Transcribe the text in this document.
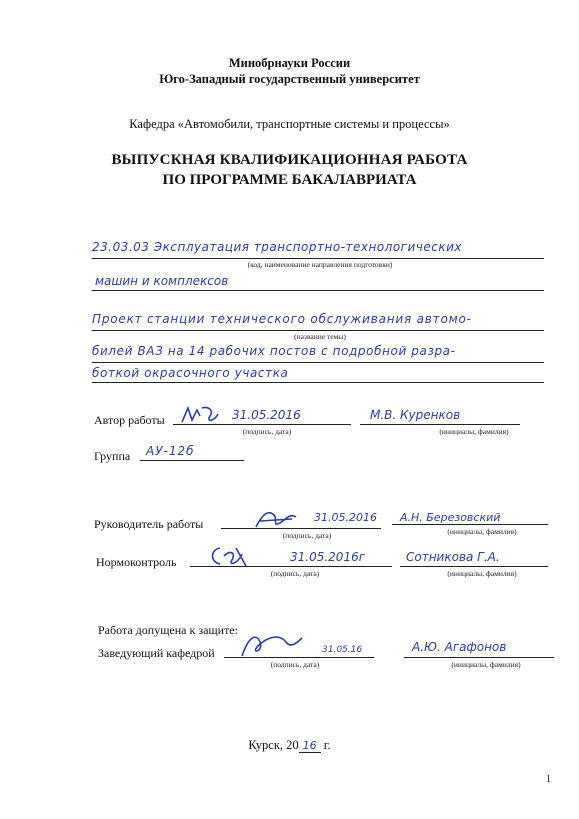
Минобрнауки России
Юго-Западный государственный университет
Кафедра «Автомобили, транспортные системы и процессы»
ВЫПУСКНАЯ КВАЛИФИКАЦИОННАЯ РАБОТА
ПО ПРОГРАММЕ БАКАЛАВРИАТА
23.03.03 Эксплуатация транспортно-технологических
(код, наименование направления подготовки)
машин и комплексов
Проект станции технического обслуживания автомо-
(название темы)
билей ВАЗ на 14 рабочих постов с подробной разра-
боткой окрасочного участка
Автор работы	31.05.2016
(подпись, дата)
М.В. Куренков
(инициалы, фамилия)
Группа АУ-12б
Руководитель работы	31.05.2016
(подпись, дата)
А.Н. Березовский
(инициалы, фамилия)
Нормоконтроль	31.05.2016г
(подпись, дата)
Сотникова Г.А.
(инициалы, фамилия)
Работа допущена к защите:
Заведующий кафедрой	31.05.16
(подпись, дата)
А.Ю. Агафонов
(инициалы, фамилия)
Курск, 20 16 г.
1
